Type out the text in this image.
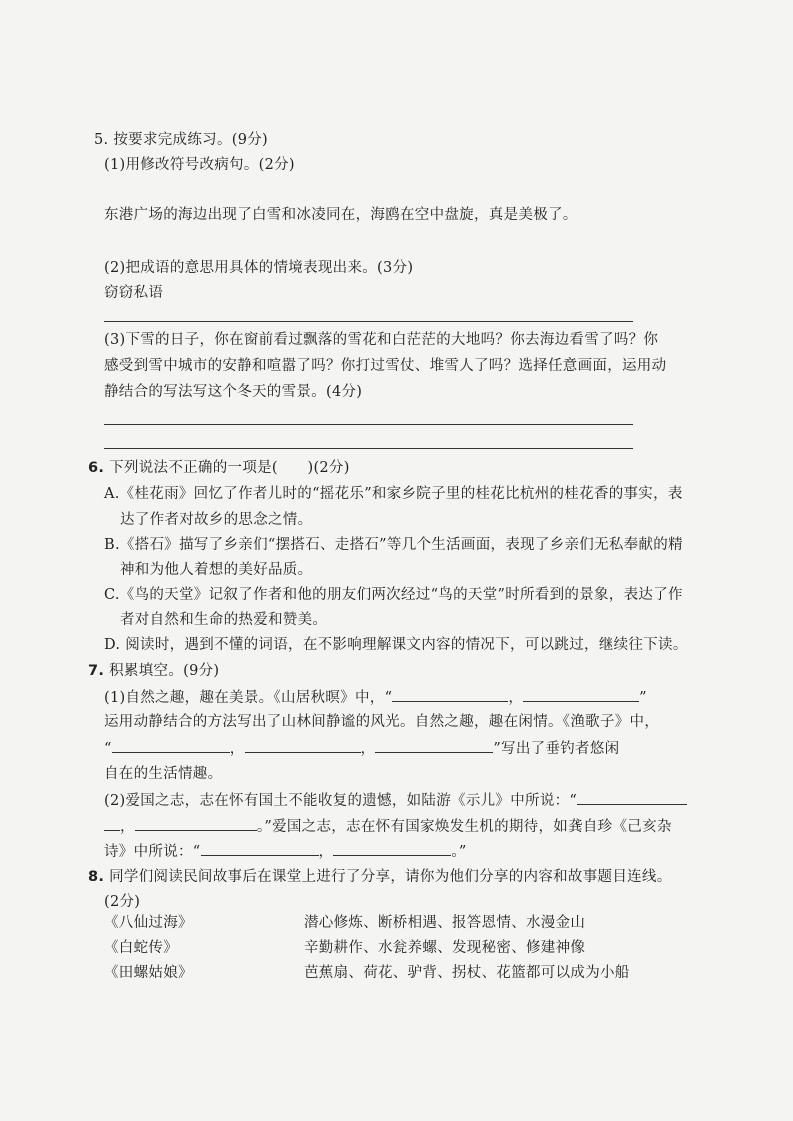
5. 按要求完成练习。(9分)
(1)用修改符号改病句。(2分)
东港广场的海边出现了白雪和冰凌同在，海鸥在空中盘旋，真是美极了。
(2)把成语的意思用具体的情境表现出来。(3分)
窃窃私语
(3)下雪的日子，你在窗前看过飘落的雪花和白茫茫的大地吗？你去海边看雪了吗？你
感受到雪中城市的安静和喧嚣了吗？你打过雪仗、堆雪人了吗？选择任意画面，运用动
静结合的写法写这个冬天的雪景。(4分)
6. 下列说法不正确的一项是(　　)(2分)
A.《桂花雨》回忆了作者儿时的“摇花乐”和家乡院子里的桂花比杭州的桂花香的事实，表
达了作者对故乡的思念之情。
B.《搭石》描写了乡亲们“摆搭石、走搭石”等几个生活画面，表现了乡亲们无私奉献的精
神和为他人着想的美好品质。
C.《鸟的天堂》记叙了作者和他的朋友们两次经过“鸟的天堂”时所看到的景象，表达了作
者对自然和生命的热爱和赞美。
D. 阅读时，遇到不懂的词语，在不影响理解课文内容的情况下，可以跳过，继续往下读。
7. 积累填空。(9分)
(1)自然之趣，趣在美景。《山居秋暝》中，“	，	”
运用动静结合的方法写出了山林间静谧的风光。自然之趣，趣在闲情。《渔歌子》中，
“	，	，	”写出了垂钓者悠闲
自在的生活情趣。
(2)爱国之志，志在怀有国土不能收复的遗憾，如陆游《示儿》中所说：“
，	。”爱国之志，志在怀有国家焕发生机的期待，如龚自珍《己亥杂
诗》中所说：“	，	。”
8. 同学们阅读民间故事后在课堂上进行了分享，请你为他们分享的内容和故事题目连线。
(2分)
《八仙过海》	潜心修炼、断桥相遇、报答恩情、水漫金山
《白蛇传》	辛勤耕作、水瓮养螺、发现秘密、修建神像
《田螺姑娘》	芭蕉扇、荷花、驴背、拐杖、花篮都可以成为小船
